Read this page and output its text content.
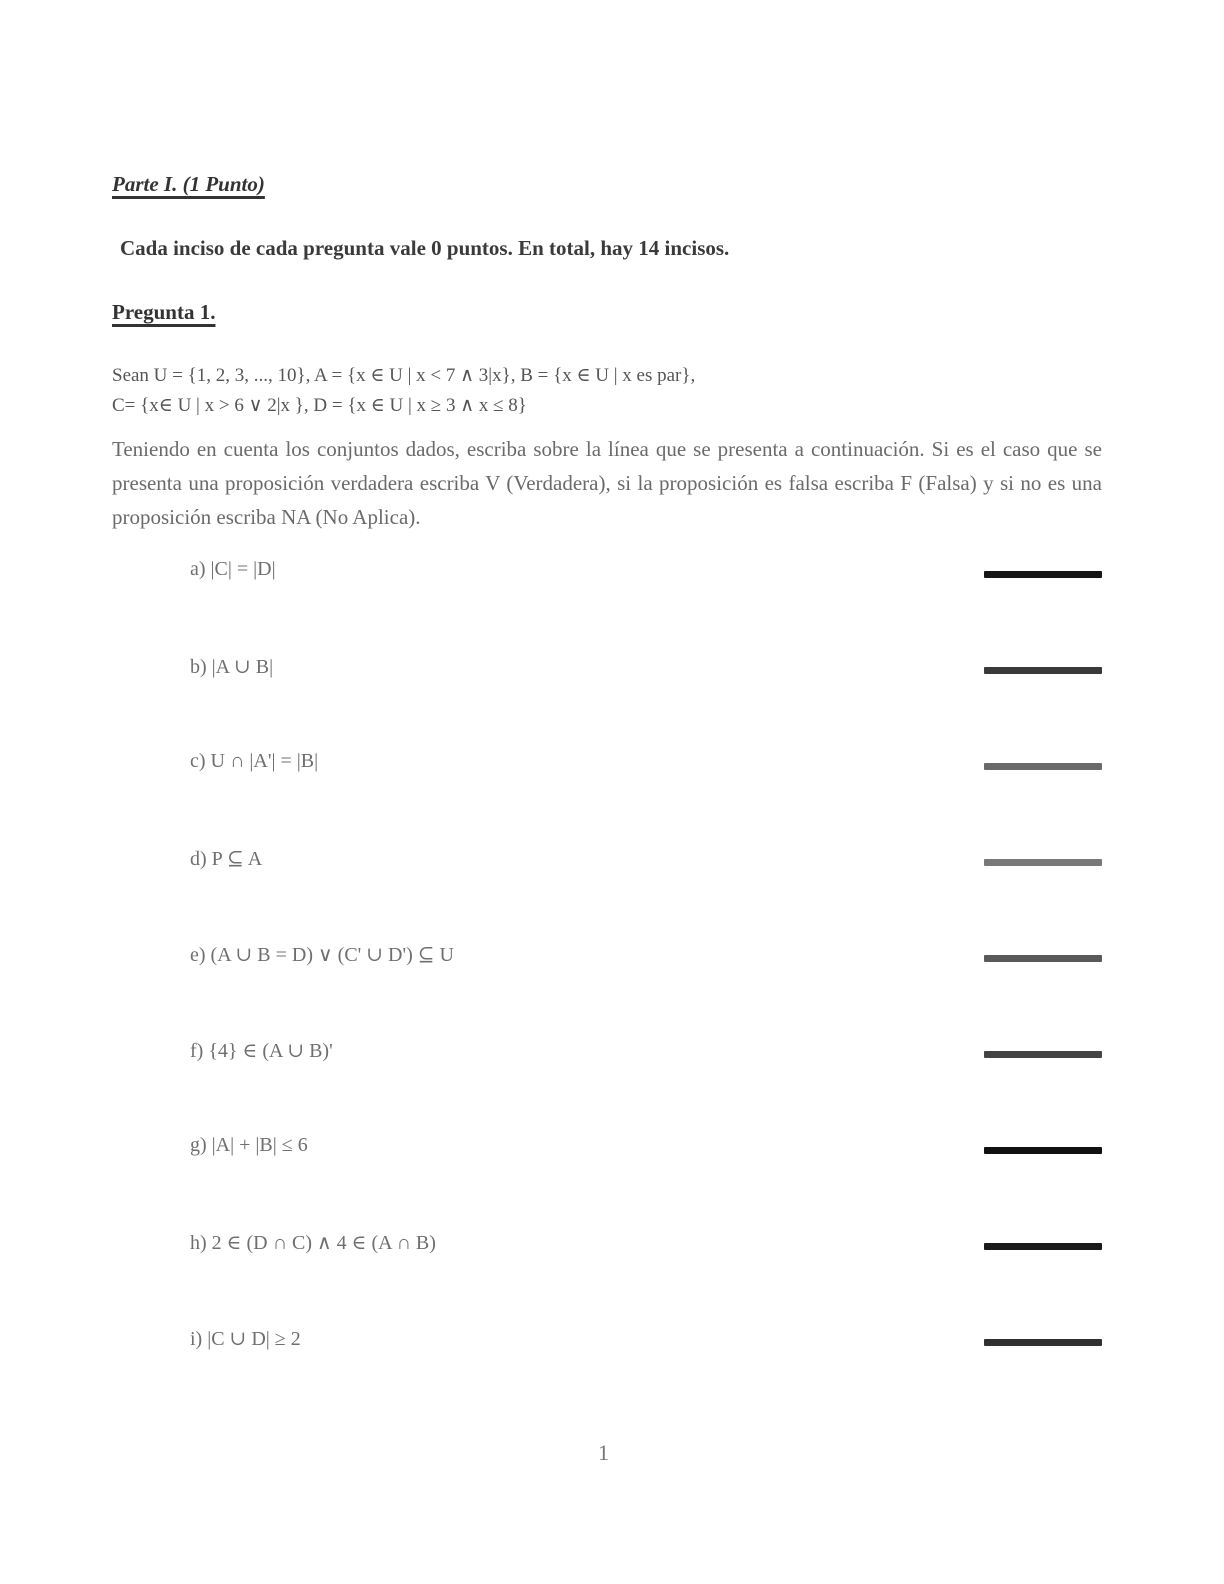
Parte I. (1 Punto)
Cada inciso de cada pregunta vale 0 puntos. En total, hay 14 incisos.
Pregunta 1.
Sean U = {1, 2, 3, ..., 10}, A = {x ∈ U | x < 7 ∧ 3|x}, B = {x ∈ U | x es par},
C= {x∈ U | x > 6 ∨ 2|x }, D = {x ∈ U | x ≥ 3 ∧ x ≤ 8}
Teniendo en cuenta los conjuntos dados, escriba sobre la línea que se presenta a continuación. Si es el caso que se presenta una proposición verdadera escriba V (Verdadera), si la proposición es falsa escriba F (Falsa) y si no es una proposición escriba NA (No Aplica).
a) |C| = |D|
b) |A ∪ B|
c) U ∩ |A'| = |B|
d) P ⊆ A
e) (A ∪ B = D) ∨ (C' ∪ D') ⊆ U
f) {4} ∈ (A ∪ B)'
g) |A| + |B| ≤ 6
h) 2 ∈ (D ∩ C) ∧ 4 ∈ (A ∩ B)
i) |C ∪ D| ≥ 2
1
